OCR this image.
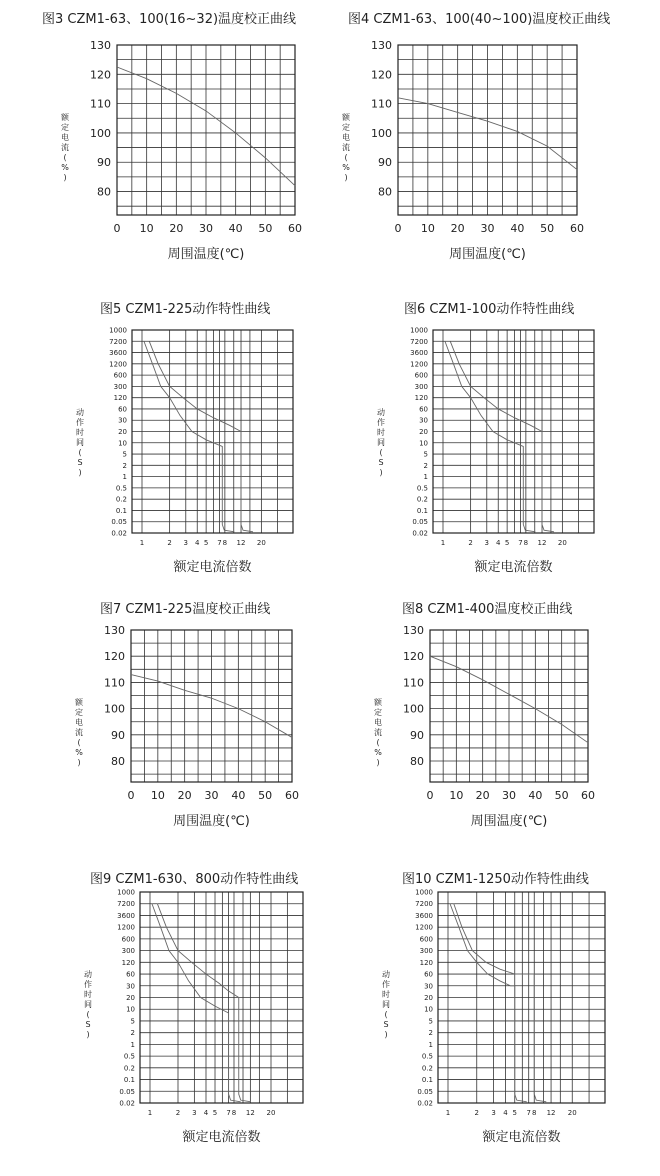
图3 CZM1-63、100(16~32)温度校正曲线
80
90
100
110
120
130
0 10 20 30 40 50 60
周围温度(℃)
额
定
电
流
(
%
)
图4 CZM1-63、100(40~100)温度校正曲线
80
90
100
110
120
130
0 10 20 30 40 50 60
周围温度(℃)
额
定
电
流
(
%
)
图5 CZM1-225动作特性曲线
1000
7200
3600
1200
600
300
120
60
30
20
10
5
2
1
0.5
0.2
0.1
0.05
0.02
1	2 3 4 5 7 8 12 20
额定电流倍数
动
作
时
间
(
S
)
图6 CZM1-100动作特性曲线
1000
7200
3600
1200
600
300
120
60
30
20
10
5
2
1
0.5
0.2
0.1
0.05
0.02
1	2 3 4 5 7 8 12 20
额定电流倍数
动
作
时
间
(
S
)
图7 CZM1-225温度校正曲线
80
90
100
110
120
130
0 10 20 30 40 50 60
周围温度(℃)
额
定
电
流
(
%
)
图8 CZM1-400温度校正曲线
80
90
100
110
120
130
0 10 20 30 40 50 60
周围温度(℃)
额
定
电
流
(
%
)
图9 CZM1-630、800动作特性曲线
1000
7200
3600
1200
600
300
120
60
30
20
10
5
2
1
0.5
0.2
0.1
0.05
0.02
1	2 3 4 5 7 8 12 20
额定电流倍数
动
作
时
间
(
S
)
图10 CZM1-1250动作特性曲线
1000
7200
3600
1200
600
300
120
60
30
20
10
5
2
1
0.5
0.2
0.1
0.05
0.02
1	2 3 4 5 7 8 12 20
额定电流倍数
动
作
时
间
(
S
)
